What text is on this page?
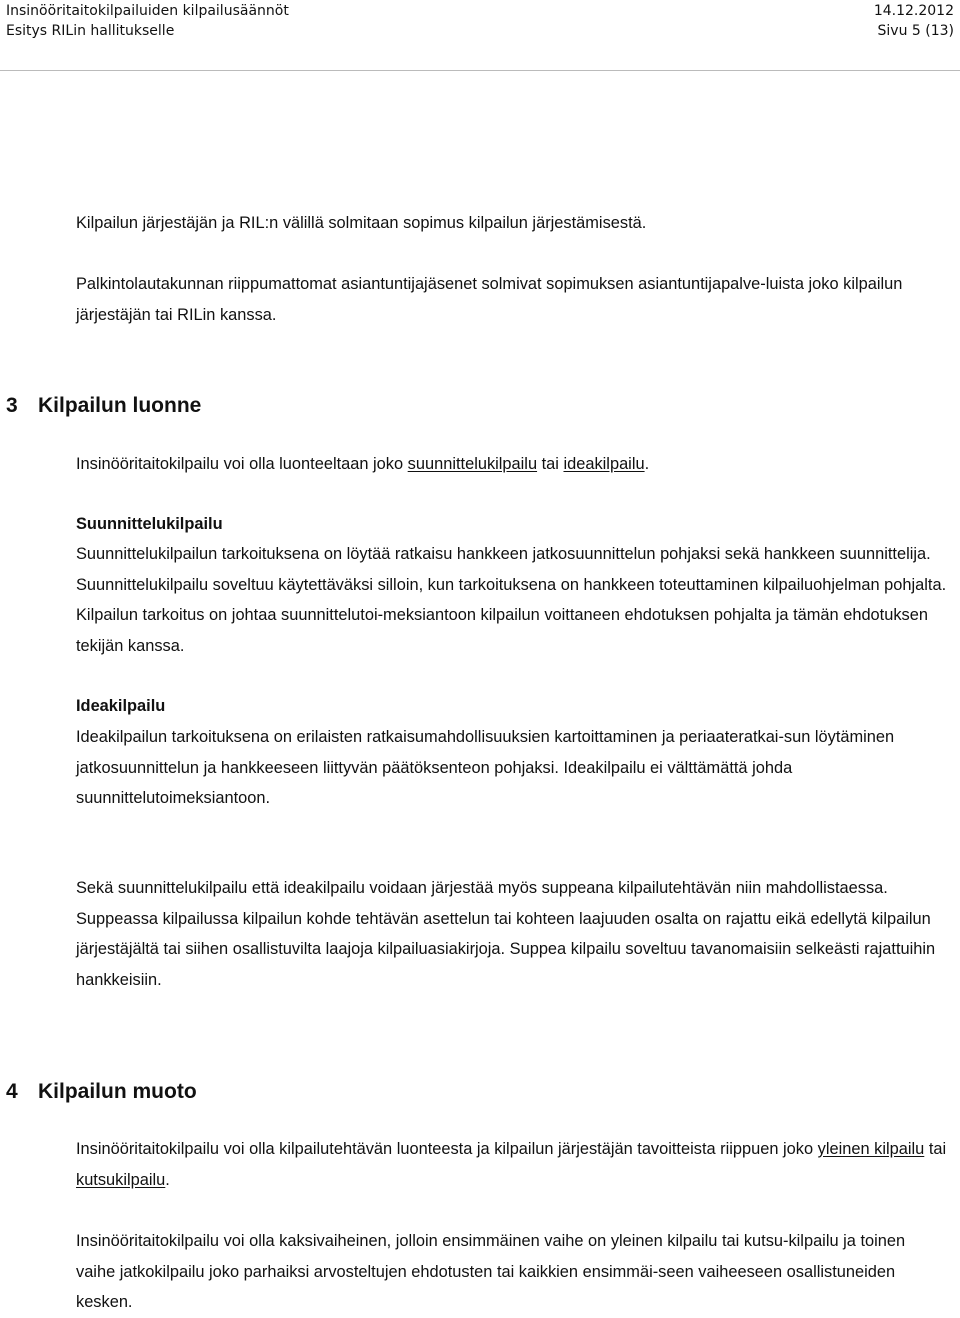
Insinööritaitokilpailuiden kilpailusäännöt	14.12.2012
Esitys RILin hallitukselle	Sivu 5 (13)
Kilpailun järjestäjän ja RIL:n välillä solmitaan sopimus kilpailun järjestämisestä.
Palkintolautakunnan riippumattomat asiantuntijajäsenet solmivat sopimuksen asiantuntijapalve-luista joko kilpailun järjestäjän tai RILin kanssa.
3 Kilpailun luonne
Insinööritaitokilpailu voi olla luonteeltaan joko suunnittelukilpailu tai ideakilpailu.
Suunnittelukilpailu
Suunnittelukilpailun tarkoituksena on löytää ratkaisu hankkeen jatkosuunnittelun pohjaksi sekä hankkeen suunnittelija. Suunnittelukilpailu soveltuu käytettäväksi silloin, kun tarkoituksena on hankkeen toteuttaminen kilpailuohjelman pohjalta. Kilpailun tarkoitus on johtaa suunnittelutoi-meksiantoon kilpailun voittaneen ehdotuksen pohjalta ja tämän ehdotuksen tekijän kanssa.
Ideakilpailu
Ideakilpailun tarkoituksena on erilaisten ratkaisumahdollisuuksien kartoittaminen ja periaateratkai-sun löytäminen jatkosuunnittelun ja hankkeeseen liittyvän päätöksenteon pohjaksi. Ideakilpailu ei välttämättä johda suunnittelutoimeksiantoon.
Sekä suunnittelukilpailu että ideakilpailu voidaan järjestää myös suppeana kilpailutehtävän niin mahdollistaessa. Suppeassa kilpailussa kilpailun kohde tehtävän asettelun tai kohteen laajuuden osalta on rajattu eikä edellytä kilpailun järjestäjältä tai siihen osallistuvilta laajoja kilpailuasiakirjoja. Suppea kilpailu soveltuu tavanomaisiin selkeästi rajattuihin hankkeisiin.
4 Kilpailun muoto
Insinööritaitokilpailu voi olla kilpailutehtävän luonteesta ja kilpailun järjestäjän tavoitteista riippuen joko yleinen kilpailu tai kutsukilpailu.
Insinööritaitokilpailu voi olla kaksivaiheinen, jolloin ensimmäinen vaihe on yleinen kilpailu tai kutsu-kilpailu ja toinen vaihe jatkokilpailu joko parhaiksi arvosteltujen ehdotusten tai kaikkien ensimmäi-seen vaiheeseen osallistuneiden kesken.
